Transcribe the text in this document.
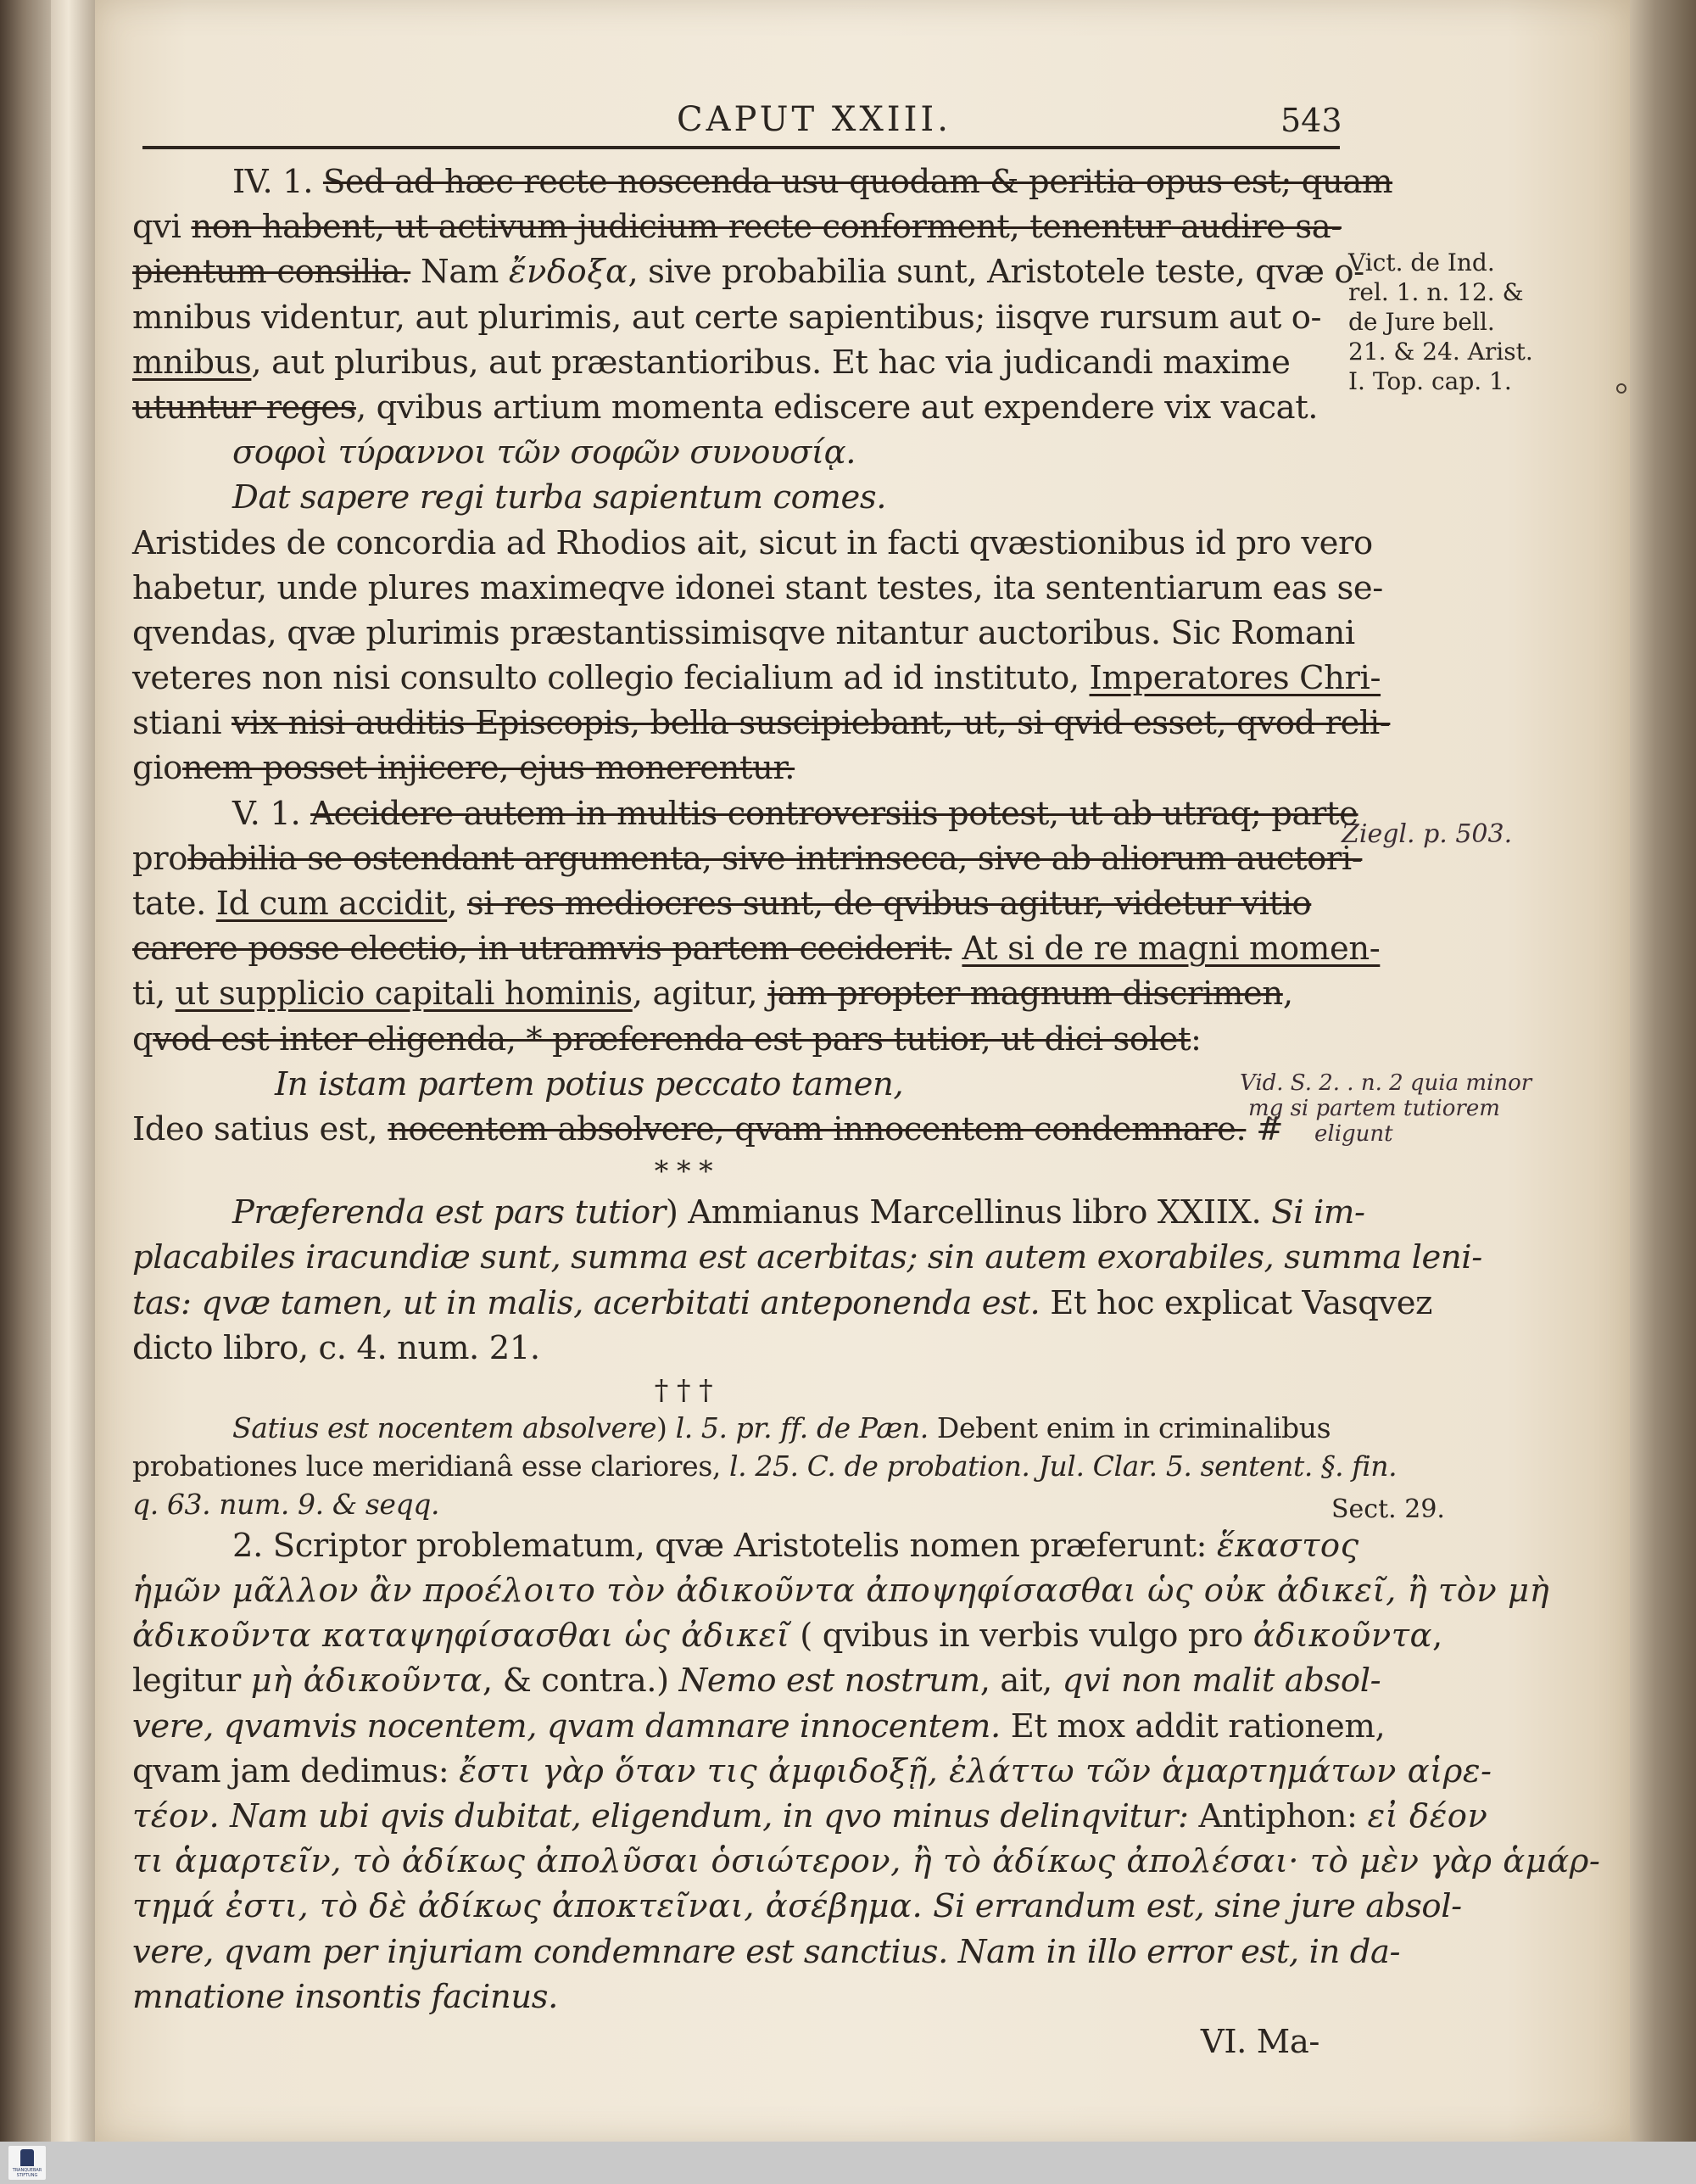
CAPUT XXIII.	543
IV. 1. Sed ad hæc recte noscenda usu quodam & peritia opus est; quam
qvi non habent, ut activum judicium recte conforment, tenentur audire sa-
pientum consilia. Nam ἔνδοξα, sive probabilia sunt, Aristotele teste, qvæ o-
mnibus videntur, aut plurimis, aut certe sapientibus; iisqve rursum aut o-
mnibus, aut pluribus, aut præstantioribus. Et hac via judicandi maxime
utuntur reges, qvibus artium momenta ediscere aut expendere vix vacat.
σοφοὶ τύραννοι τῶν σοφῶν συνουσίᾳ.
Dat sapere regi turba sapientum comes.
Aristides de concordia ad Rhodios ait, sicut in facti qvæstionibus id pro vero
habetur, unde plures maximeqve idonei stant testes, ita sententiarum eas se-
qvendas, qvæ plurimis præstantissimisqve nitantur auctoribus. Sic Romani
veteres non nisi consulto collegio fecialium ad id instituto, Imperatores Chri-
stiani vix nisi auditis Episcopis, bella suscipiebant, ut, si qvid esset, qvod reli-
gionem posset injicere, ejus monerentur.
V. 1. Accidere autem in multis controversiis potest, ut ab utraq; parte
probabilia se ostendant argumenta, sive intrinseca, sive ab aliorum auctori-
tate. Id cum accidit, si res mediocres sunt, de qvibus agitur, videtur vitio
carere posse electio, in utramvis partem ceciderit. At si de re magni momen-
ti, ut supplicio capitali hominis, agitur, jam propter magnum discrimen,
qvod est inter eligenda, * præferenda est pars tutior, ut dici solet:
In istam partem potius peccato tamen,
Ideo satius est, nocentem absolvere, qvam innocentem condemnare. #
* * *
Præferenda est pars tutior) Ammianus Marcellinus libro XXIIX. Si im-
placabiles iracundiæ sunt, summa est acerbitas; sin autem exorabiles, summa leni-
tas: qvæ tamen, ut in malis, acerbitati anteponenda est. Et hoc explicat Vasqvez
dicto libro, c. 4. num. 21.
† † †
Satius est nocentem absolvere) l. 5. pr. ff. de Pæn. Debent enim in criminalibus
probationes luce meridianâ esse clariores, l. 25. C. de probation. Jul. Clar. 5. sentent. §. fin.
q. 63. num. 9. & seqq.
2. Scriptor problematum, qvæ Aristotelis nomen præferunt: ἕκαστος
ἡμῶν μᾶλλον ἂν προέλοιτο τὸν ἀδικοῦντα ἀποψηφίσασθαι ὡς οὐκ ἀδικεῖ, ἢ τὸν μὴ
ἀδικοῦντα καταψηφίσασθαι ὡς ἀδικεῖ ( qvibus in verbis vulgo pro ἀδικοῦντα,
legitur μὴ ἀδικοῦντα, & contra.) Nemo est nostrum, ait, qvi non malit absol-
vere, qvamvis nocentem, qvam damnare innocentem. Et mox addit rationem,
qvam jam dedimus: ἔστι γὰρ ὅταν τις ἀμφιδοξῇ, ἐλάττω τῶν ἁμαρτημάτων αἱρε-
τέον. Nam ubi qvis dubitat, eligendum, in qvo minus delinqvitur: Antiphon: εἰ δέον
τι ἁμαρτεῖν, τὸ ἀδίκως ἀπολῦσαι ὁσιώτερον, ἢ τὸ ἀδίκως ἀπολέσαι· τὸ μὲν γὰρ ἁμάρ-
τημά ἐστι, τὸ δὲ ἀδίκως ἀποκτεῖναι, ἀσέβημα. Si errandum est, sine jure absol-
vere, qvam per injuriam condemnare est sanctius. Nam in illo error est, in da-
mnatione insontis facinus.
VI. Ma-
Vict. de Ind.
rel. 1. n. 12. &
de Jure bell.
21. & 24. Arist.
I. Top. cap. 1.
Ziegl. p. 503.
Vid. S. 2. . n. 2 quia minor
mg si partem tutiorem
eligunt
Sect. 29.
TRANQUEBAR STIFTUNG
